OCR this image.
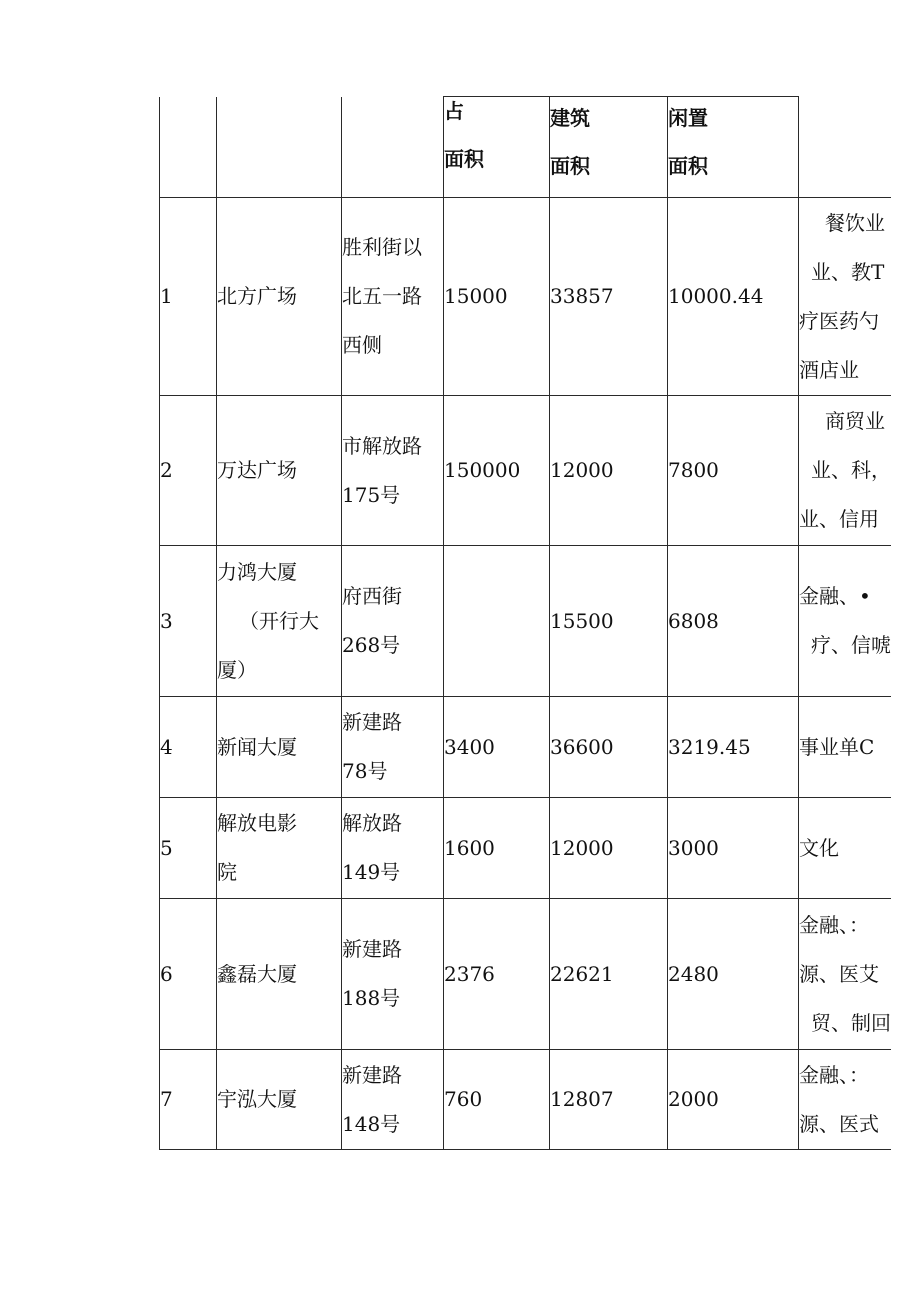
			占
面积	建筑
面积	闲置
面积	

1	北方广场	胜利街以
北五一路
西侧	15000	33857	10000.44	餐饮业
业、教T
疗医药勺
酒店业

2	万达广场	市解放路
175号	150000	12000	7800	商贸业
业、科，
业、信用

3	力鸿大厦
（开行大
厦）	府西街
268号		15500	6808	金融、•
疗、信唬

4	新闻大厦	新建路
78号	3400	36600	3219.45	事业单C

5	解放电影
院	解放路
149号	1600	12000	3000	文化

6	鑫磊大厦	新建路
188号	2376	22621	2480	金融、：
源、医艾
贸、制回

7	宇泓大厦	新建路
148号	760	12807	2000	金融、：
源、医式
